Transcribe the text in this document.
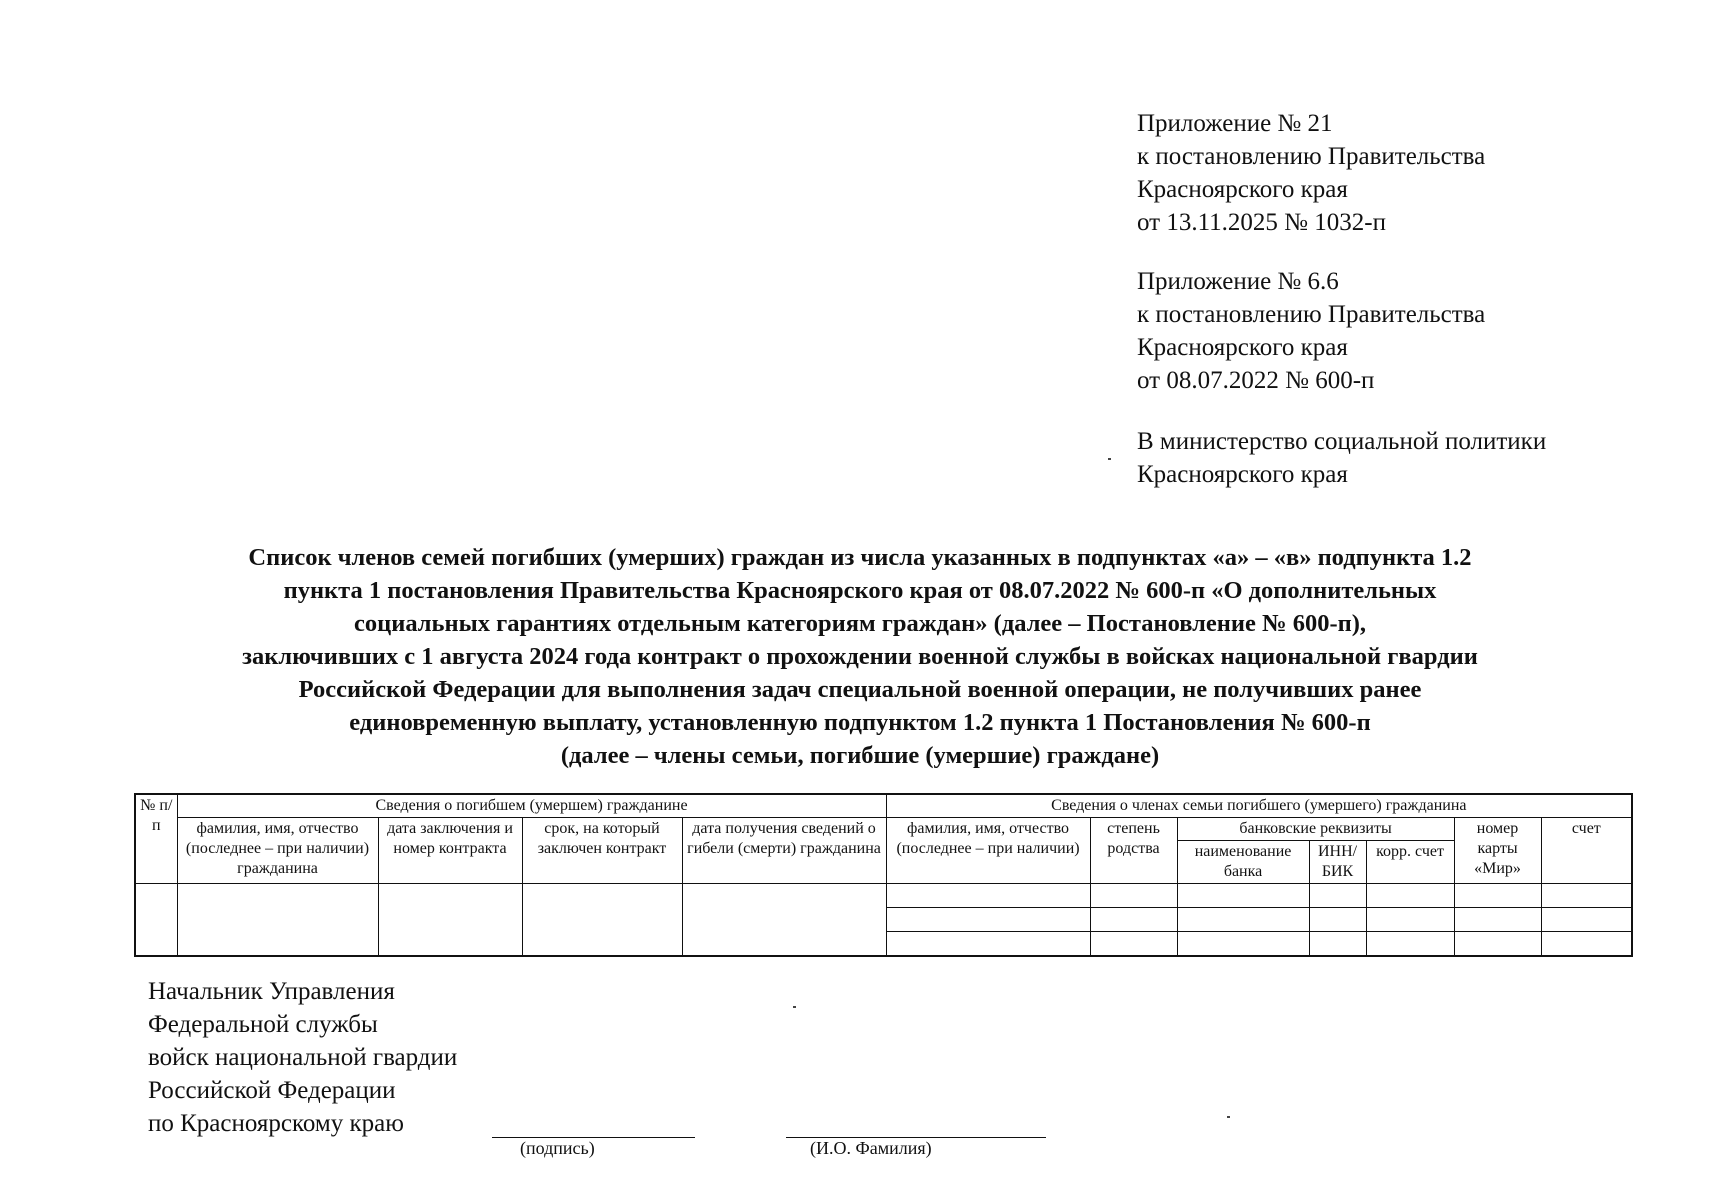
Приложение № 21
к постановлению Правительства
Красноярского края
от 13.11.2025 № 1032-п
Приложение № 6.6
к постановлению Правительства
Красноярского края
от 08.07.2022 № 600-п
В министерство социальной политики
Красноярского края
Список членов семей погибших (умерших) граждан из числа указанных в подпунктах «а» – «в» подпункта 1.2
пункта 1 постановления Правительства Красноярского края от 08.07.2022 № 600-п «О дополнительных
социальных гарантиях отдельным категориям граждан» (далее – Постановление № 600-п),
заключивших с 1 августа 2024 года контракт о прохождении военной службы в войсках национальной гвардии
Российской Федерации для выполнения задач специальной военной операции, не получивших ранее
единовременную выплату, установленную подпунктом 1.2 пункта 1 Постановления № 600-п
(далее – члены семьи, погибшие (умершие) граждане)
№ п/п	Сведения о погибшем (умершем) гражданине				Сведения о членах семьи погибшего (умершего) гражданина						
	фамилия, имя, отчество (последнее – при наличии) гражданина	дата заключения и номер контракта	срок, на который заключен контракт	дата получения сведений о гибели (смерти) гражданина	фамилия, имя, отчество (последнее – при наличии)	степень родства	банковские реквизиты			номер карты «Мир»	счет
							наименование банка	ИНН/ БИК	корр. счет		

Начальник Управления
Федеральной службы
войск национальной гвардии
Российской Федерации
по Красноярскому краю
(подпись)	(И.О. Фамилия)
